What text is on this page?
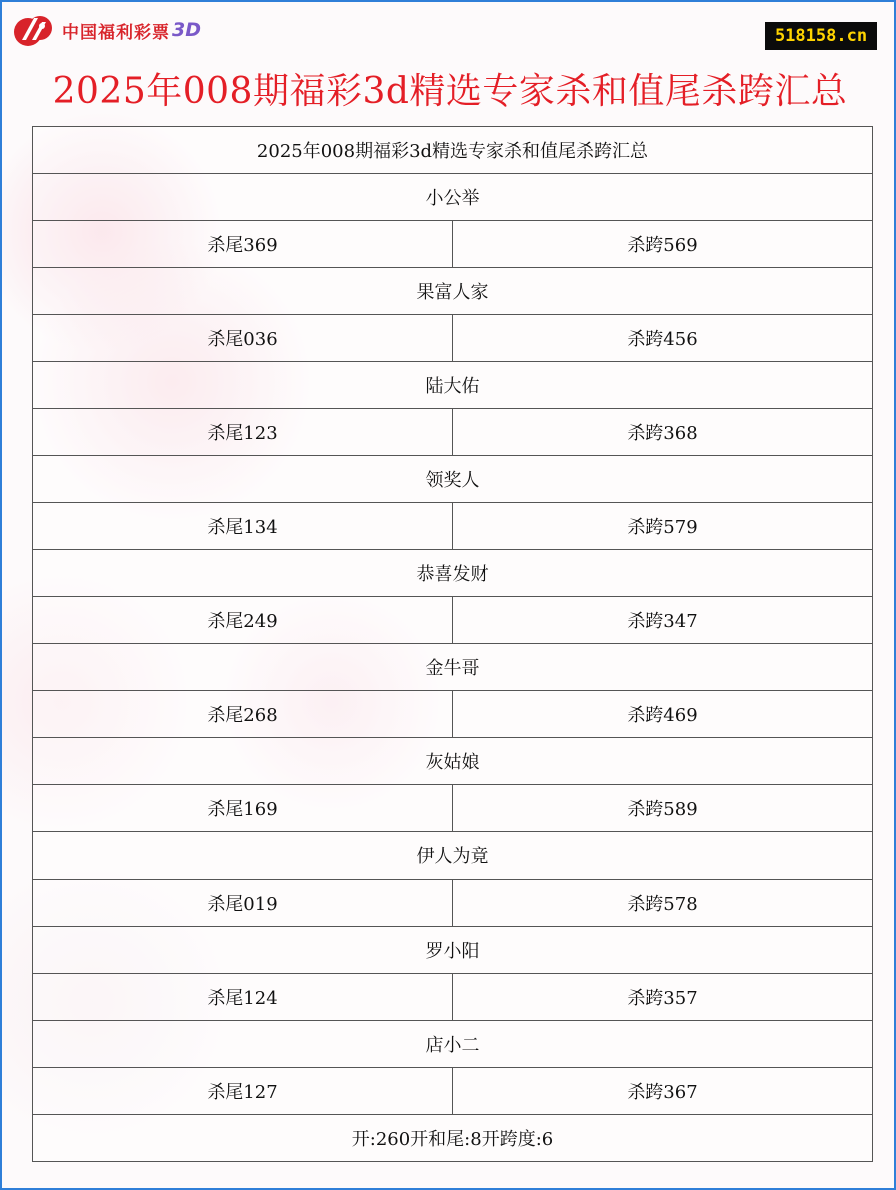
中国福利彩票 3D	518158.cn
2025年008期福彩3d精选专家杀和值尾杀跨汇总
2025年008期福彩3d精选专家杀和值尾杀跨汇总	
小公举	
杀尾369	杀跨569
果富人家	
杀尾036	杀跨456
陆大佑	
杀尾123	杀跨368
领奖人	
杀尾134	杀跨579
恭喜发财	
杀尾249	杀跨347
金牛哥	
杀尾268	杀跨469
灰姑娘	
杀尾169	杀跨589
伊人为竟	
杀尾019	杀跨578
罗小阳	
杀尾124	杀跨357
店小二	
杀尾127	杀跨367
开:260开和尾:8开跨度:6	
